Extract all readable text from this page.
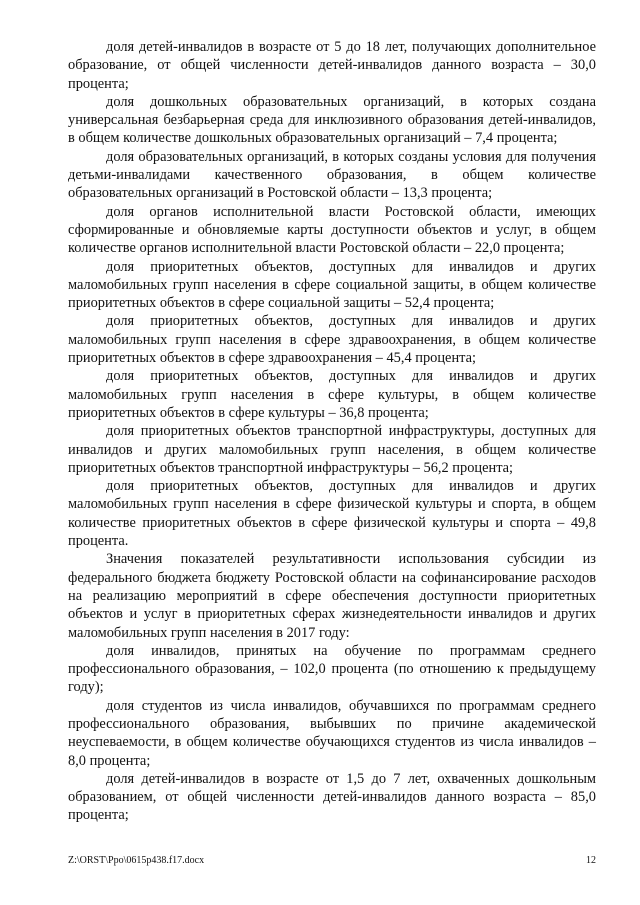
доля детей-инвалидов в возрасте от 5 до 18 лет, получающих дополнительное образование, от общей численности детей-инвалидов данного возраста – 30,0 процента;

доля дошкольных образовательных организаций, в которых создана универсальная безбарьерная среда для инклюзивного образования детей-инвалидов, в общем количестве дошкольных образовательных организаций – 7,4 процента;

доля образовательных организаций, в которых созданы условия для получения детьми-инвалидами качественного образования, в общем количестве образовательных организаций в Ростовской области – 13,3 процента;

доля органов исполнительной власти Ростовской области, имеющих сформированные и обновляемые карты доступности объектов и услуг, в общем количестве органов исполнительной власти Ростовской области – 22,0 процента;

доля приоритетных объектов, доступных для инвалидов и других маломобильных групп населения в сфере социальной защиты, в общем количестве приоритетных объектов в сфере социальной защиты – 52,4 процента;

доля приоритетных объектов, доступных для инвалидов и других маломобильных групп населения в сфере здравоохранения, в общем количестве приоритетных объектов в сфере здравоохранения – 45,4 процента;

доля приоритетных объектов, доступных для инвалидов и других маломобильных групп населения в сфере культуры, в общем количестве приоритетных объектов в сфере культуры – 36,8 процента;

доля приоритетных объектов транспортной инфраструктуры, доступных для инвалидов и других маломобильных групп населения, в общем количестве приоритетных объектов транспортной инфраструктуры – 56,2 процента;

доля приоритетных объектов, доступных для инвалидов и других маломобильных групп населения в сфере физической культуры и спорта, в общем количестве приоритетных объектов в сфере физической культуры и спорта – 49,8 процента.

Значения показателей результативности использования субсидии из федерального бюджета бюджету Ростовской области на софинансирование расходов на реализацию мероприятий в сфере обеспечения доступности приоритетных объектов и услуг в приоритетных сферах жизнедеятельности инвалидов и других маломобильных групп населения в 2017 году:

доля инвалидов, принятых на обучение по программам среднего профессионального образования, – 102,0 процента (по отношению к предыдущему году);

доля студентов из числа инвалидов, обучавшихся по программам среднего профессионального образования, выбывших по причине академической неуспеваемости, в общем количестве обучающихся студентов из числа инвалидов – 8,0 процента;

доля детей-инвалидов в возрасте от 1,5 до 7 лет, охваченных дошкольным образованием, от общей численности детей-инвалидов данного возраста – 85,0 процента;

Z:\ORST\Ppo\0615p438.f17.docx	12
